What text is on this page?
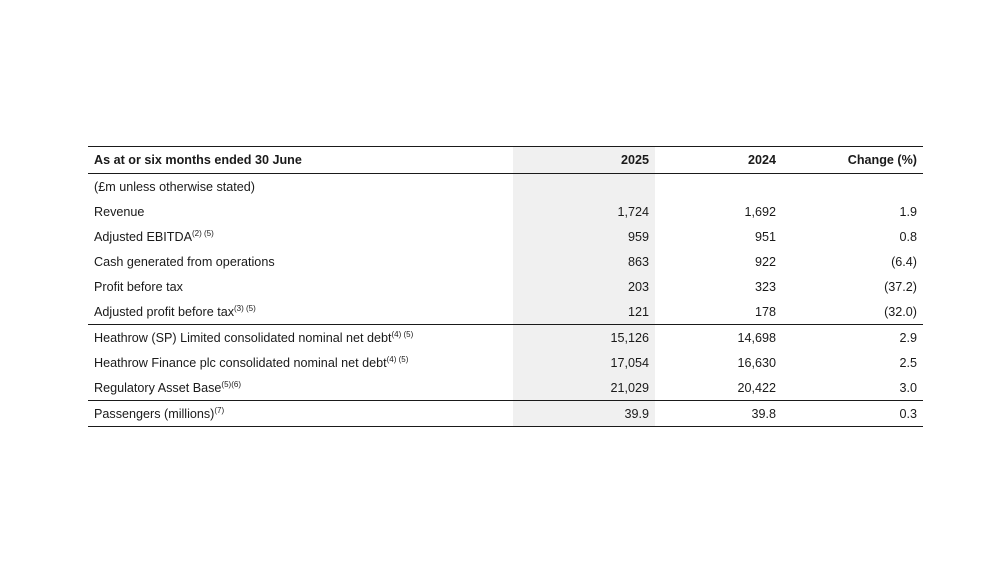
As at or six months ended 30 June	2025	2024	Change (%)
(£m unless otherwise stated)			
Revenue	1,724	1,692	1.9
Adjusted $EBITDA^{(2) (5)}$	959	951	0.8
Cash generated from operations	863	922	(6.4)
Profit before tax	203	323	(37.2)
Adjusted profit before tax$^{(3) (5)}$	121	178	(32.0)
Heathrow (SP) Limited consolidated nominal net debt$^{(4) (5)}$	15,126	14,698	2.9
Heathrow Finance plc consolidated nominal net debt$^{(4) (5)}$	17,054	16,630	2.5
Regulatory Asset Base$^{(5)(6)}$	21,029	20,422	3.0
Passengers (millions)$^{(7)}$	39.9	39.8	0.3
